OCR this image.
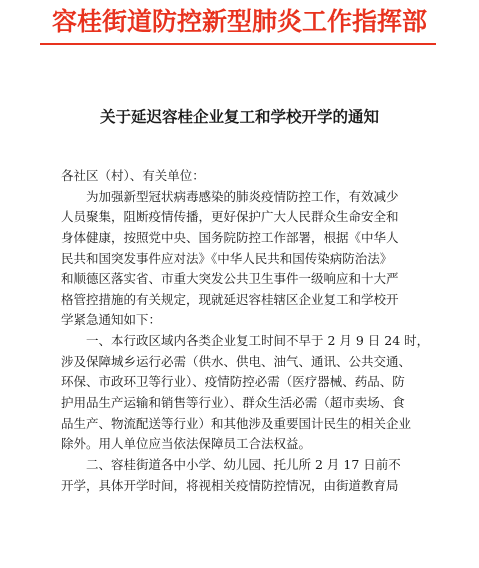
容桂街道防控新型肺炎工作指挥部
关于延迟容桂企业复工和学校开学的通知
各社区（村）、有关单位：
为加强新型冠状病毒感染的肺炎疫情防控工作，有效减少
人员聚集，阻断疫情传播，更好保护广大人民群众生命安全和
身体健康，按照党中央、国务院防控工作部署，根据《中华人
民共和国突发事件应对法》《中华人民共和国传染病防治法》
和顺德区落实省、市重大突发公共卫生事件一级响应和十大严
格管控措施的有关规定，现就延迟容桂辖区企业复工和学校开
学紧急通知如下：
一、本行政区域内各类企业复工时间不早于 2 月 9 日 24 时，
涉及保障城乡运行必需（供水、供电、油气、通讯、公共交通、
环保、市政环卫等行业）、疫情防控必需（医疗器械、药品、防
护用品生产运输和销售等行业）、群众生活必需（超市卖场、食
品生产、物流配送等行业）和其他涉及重要国计民生的相关企业
除外。用人单位应当依法保障员工合法权益。
二、容桂街道各中小学、幼儿园、托儿所 2 月 17 日前不
开学，具体开学时间，将视相关疫情防控情况，由街道教育局
